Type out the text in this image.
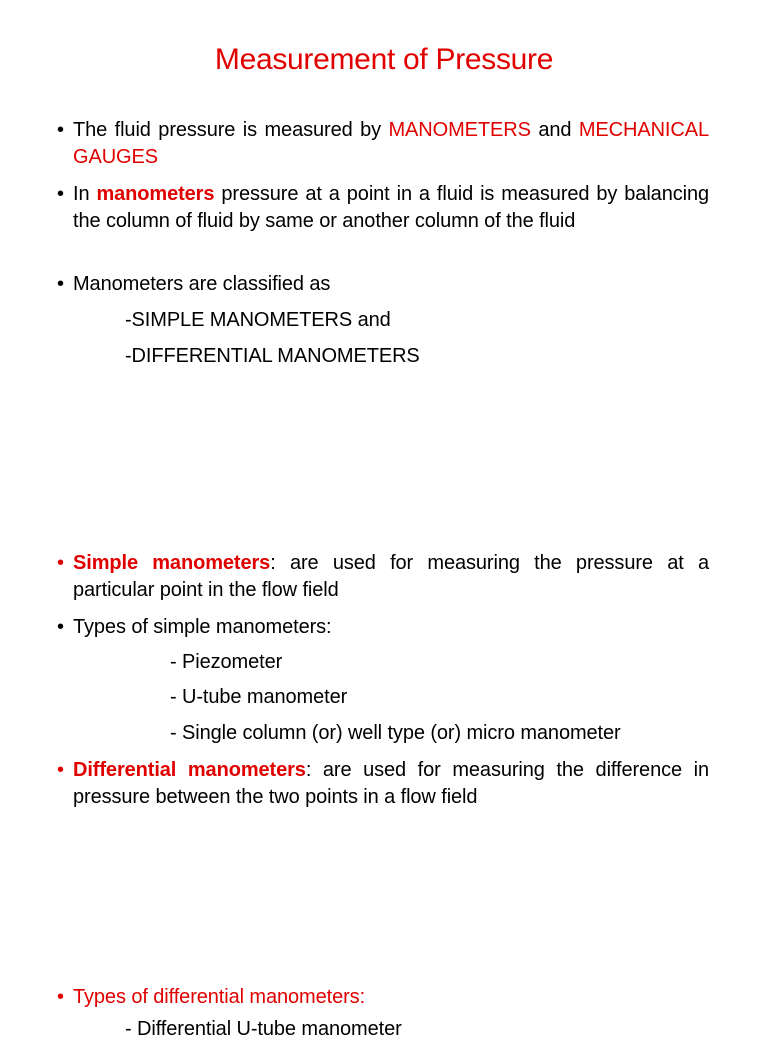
Measurement of Pressure
• The fluid pressure is measured by MANOMETERS and MECHANICAL GAUGES
• In manometers pressure at a point in a fluid is measured by balancing the column of fluid by same or another column of the fluid
• Manometers are classified as
-SIMPLE MANOMETERS and
-DIFFERENTIAL MANOMETERS
• Simple manometers: are used for measuring the pressure at a particular point in the flow field
• Types of simple manometers:
- Piezometer
- U-tube manometer
- Single column (or) well type (or) micro manometer
• Differential manometers: are used for measuring the difference in pressure between the two points in a flow field
• Types of differential manometers:
- Differential U-tube manometer
